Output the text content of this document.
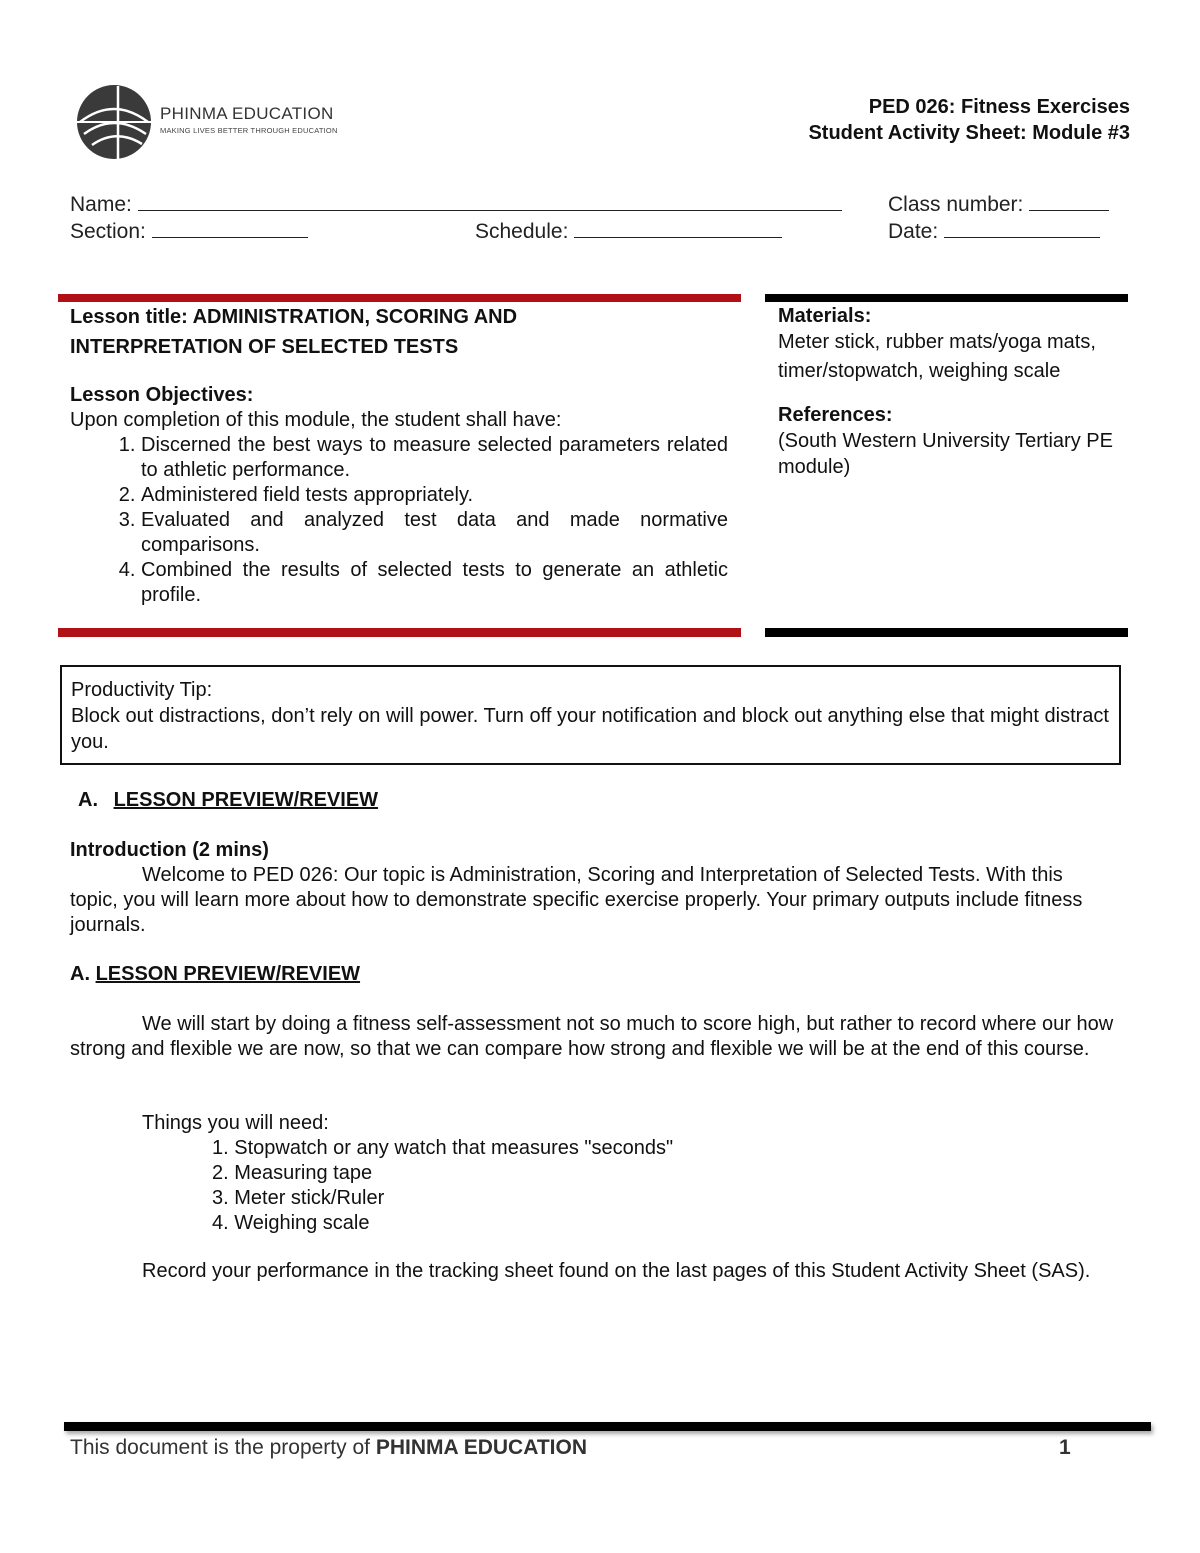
PHINMA EDUCATION
MAKING LIVES BETTER THROUGH EDUCATION
PED 026: Fitness Exercises
Student Activity Sheet: Module #3
Name:	Class number:
Section:	Schedule:	Date:
Lesson title: ADMINISTRATION, SCORING AND
INTERPRETATION OF SELECTED TESTS
Lesson Objectives:
Upon completion of this module, the student shall have:
1. Discerned the best ways to measure selected parameters related to athletic performance.
2. Administered field tests appropriately.
3. Evaluated and analyzed test data and made normative comparisons.
4. Combined the results of selected tests to generate an athletic profile.
Materials:
Meter stick, rubber mats/yoga mats, timer/stopwatch, weighing scale
References:
(South Western University Tertiary PE module)
Productivity Tip:
Block out distractions, don’t rely on will power. Turn off your notification and block out anything else that might distract you.
A. LESSON PREVIEW/REVIEW
Introduction (2 mins)
Welcome to PED 026: Our topic is Administration, Scoring and Interpretation of Selected Tests. With this topic, you will learn more about how to demonstrate specific exercise properly. Your primary outputs include fitness journals.
A. LESSON PREVIEW/REVIEW
We will start by doing a fitness self-assessment not so much to score high, but rather to record where our how strong and flexible we are now, so that we can compare how strong and flexible we will be at the end of this course.
Things you will need:
1. Stopwatch or any watch that measures "seconds"
2. Measuring tape
3. Meter stick/Ruler
4. Weighing scale
Record your performance in the tracking sheet found on the last pages of this Student Activity Sheet (SAS).
This document is the property of PHINMA EDUCATION	1
